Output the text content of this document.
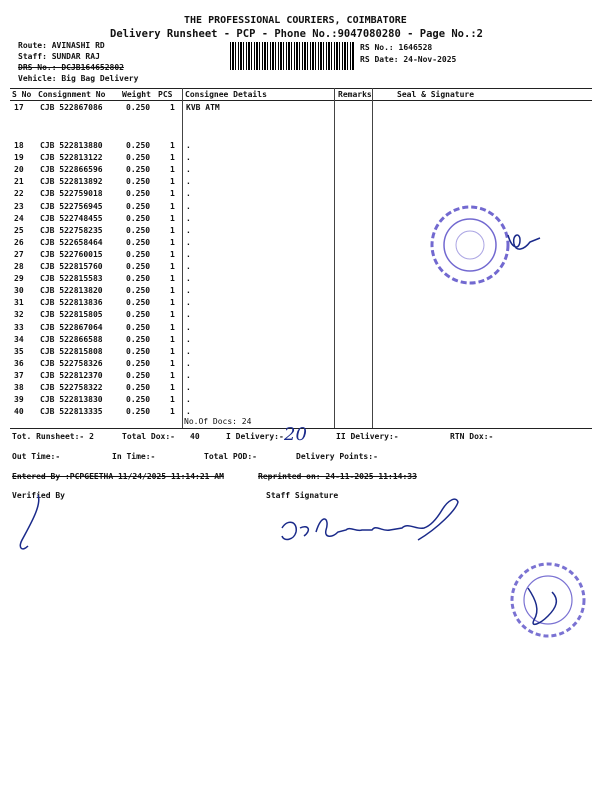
THE PROFESSIONAL COURIERS, COIMBATORE
Delivery Runsheet - PCP - Phone No.:9047080280 - Page No.:2
Route: AVINASHI RD
Staff: SUNDAR RAJ
DRS No.: DCJB164652802
Vehicle: Big Bag Delivery
RS No.: 1646528
RS Date: 24-Nov-2025
S No Consignment No Weight PCS Consignee Details	Remarks	Seal & Signature
17 CJB 522867086	0.250 1 KVB ATM
18 CJB 522813880	0.250 1 .
19 CJB 522813122	0.250 1 .
20 CJB 522866596	0.250 1 .
21 CJB 522813892	0.250 1 .
22 CJB 522759018	0.250 1 .
23 CJB 522756945	0.250 1 .
24 CJB 522748455	0.250 1 .
25 CJB 522758235	0.250 1 .
26 CJB 522658464	0.250 1 .
27 CJB 522760015	0.250 1 .
28 CJB 522815760	0.250 1 .
29 CJB 522815583	0.250 1 .
30 CJB 522813820	0.250 1 .
31 CJB 522813836	0.250 1 .
32 CJB 522815805	0.250 1 .
33 CJB 522867064	0.250 1 .
34 CJB 522866588	0.250 1 .
35 CJB 522815808	0.250 1 .
36 CJB 522758326	0.250 1 .
37 CJB 522812370	0.250 1 .
38 CJB 522758322	0.250 1 .
39 CJB 522813830	0.250 1 .
40 CJB 522813335	0.250 1 .
No.Of Docs: 24
Tot. Runsheet:- 2	Total Dox:- 40	I Delivery:- 20	II Delivery:-	RTN Dox:-
Out Time:-	In Time:-	Total POD:-	Delivery Points:-
Entered By :PCPGEETHA 11/24/2025 11:14:21 AM	Reprinted on: 24-11-2025 11:14:33
Verified By	Staff Signature
